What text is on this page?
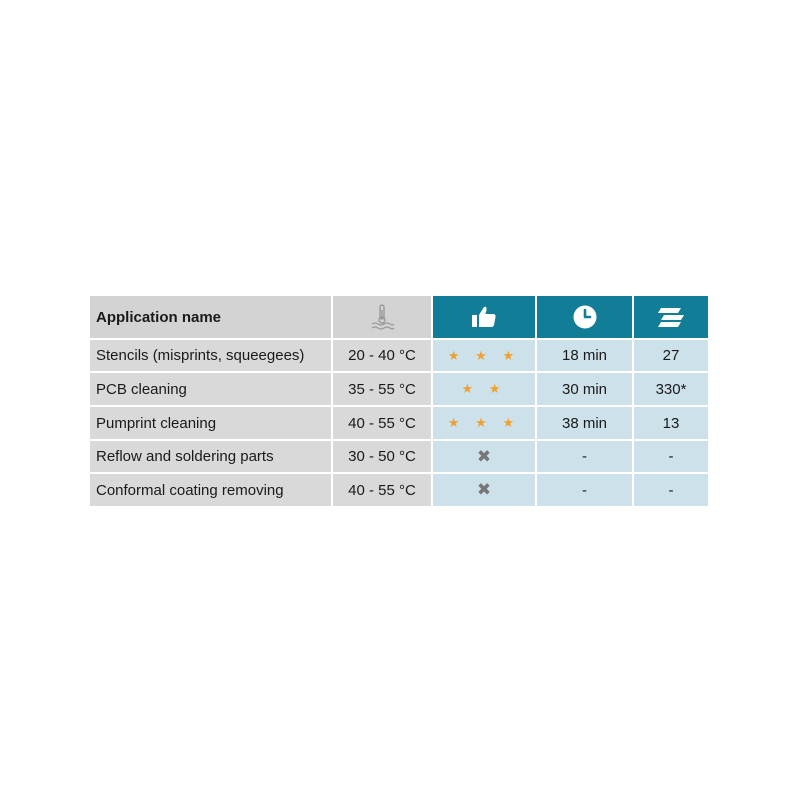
Application name
Stencils (misprints, squeegees)	20 - 40 °C	★ ★ ★	18 min	27
PCB cleaning	35 - 55 °C	★ ★	30 min	330*
Pumprint cleaning	40 - 55 °C	★ ★ ★	38 min	13
Reflow and soldering parts	30 - 50 °C	✖	-	-
Conformal coating removing	40 - 55 °C	✖	-	-
